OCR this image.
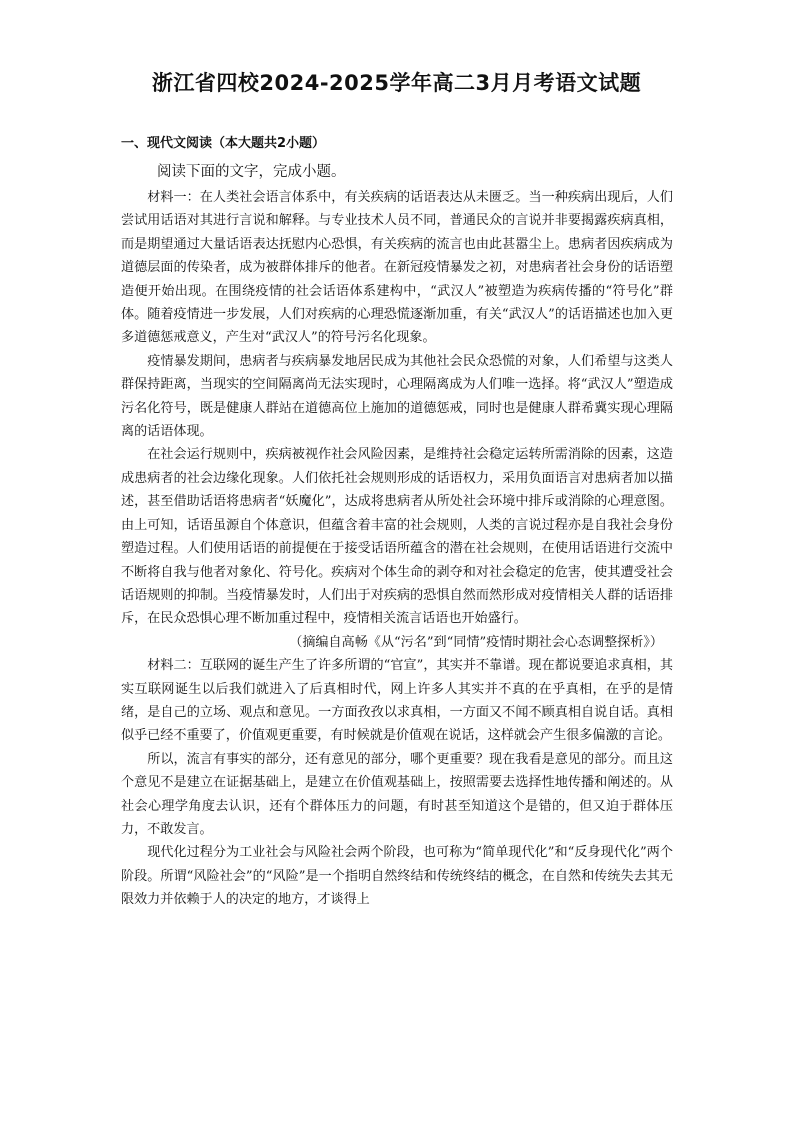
浙江省四校2024-2025学年高二3月月考语文试题
一、现代文阅读（本大题共2小题）
阅读下面的文字，完成小题。

材料一：在人类社会语言体系中，有关疾病的话语表达从未匮乏。当一种疾病出现后，人们尝试用话语对其进行言说和解释。与专业技术人员不同，普通民众的言说并非要揭露疾病真相，而是期望通过大量话语表达抚慰内心恐惧，有关疾病的流言也由此甚嚣尘上。患病者因疾病成为道德层面的传染者，成为被群体排斥的他者。在新冠疫情暴发之初，对患病者社会身份的话语塑造便开始出现。在围绕疫情的社会话语体系建构中，“武汉人”被塑造为疾病传播的“符号化”群体。随着疫情进一步发展，人们对疾病的心理恐慌逐渐加重，有关“武汉人”的话语描述也加入更多道德惩戒意义，产生对“武汉人”的符号污名化现象。

疫情暴发期间，患病者与疾病暴发地居民成为其他社会民众恐慌的对象，人们希望与这类人群保持距离，当现实的空间隔离尚无法实现时，心理隔离成为人们唯一选择。将“武汉人”塑造成污名化符号，既是健康人群站在道德高位上施加的道德惩戒，同时也是健康人群希冀实现心理隔离的话语体现。

在社会运行规则中，疾病被视作社会风险因素，是维持社会稳定运转所需消除的因素，这造成患病者的社会边缘化现象。人们依托社会规则形成的话语权力，采用负面语言对患病者加以描述，甚至借助话语将患病者“妖魔化”，达成将患病者从所处社会环境中排斥或消除的心理意图。由上可知，话语虽源自个体意识，但蕴含着丰富的社会规则，人类的言说过程亦是自我社会身份塑造过程。人们使用话语的前提便在于接受话语所蕴含的潜在社会规则，在使用话语进行交流中不断将自我与他者对象化、符号化。疾病对个体生命的剥夺和对社会稳定的危害，使其遭受社会话语规则的抑制。当疫情暴发时，人们出于对疾病的恐惧自然而然形成对疫情相关人群的话语排斥，在民众恐惧心理不断加重过程中，疫情相关流言话语也开始盛行。

（摘编自高畅《从“污名”到“同情”疫情时期社会心态调整探析》）

材料二：互联网的诞生产生了许多所谓的“官宣”，其实并不靠谱。现在都说要追求真相，其实互联网诞生以后我们就进入了后真相时代，网上许多人其实并不真的在乎真相，在乎的是情绪，是自己的立场、观点和意见。一方面孜孜以求真相，一方面又不闻不顾真相自说自话。真相似乎已经不重要了，价值观更重要，有时候就是价值观在说话，这样就会产生很多偏激的言论。

所以，流言有事实的部分，还有意见的部分，哪个更重要？现在我看是意见的部分。而且这个意见不是建立在证据基础上，是建立在价值观基础上，按照需要去选择性地传播和阐述的。从社会心理学角度去认识，还有个群体压力的问题，有时甚至知道这个是错的，但又迫于群体压力，不敢发言。

现代化过程分为工业社会与风险社会两个阶段，也可称为“简单现代化”和“反身现代化”两个阶段。所谓“风险社会”的“风险”是一个指明自然终结和传统终结的概念，在自然和传统失去其无限效力并依赖于人的决定的地方，才谈得上
